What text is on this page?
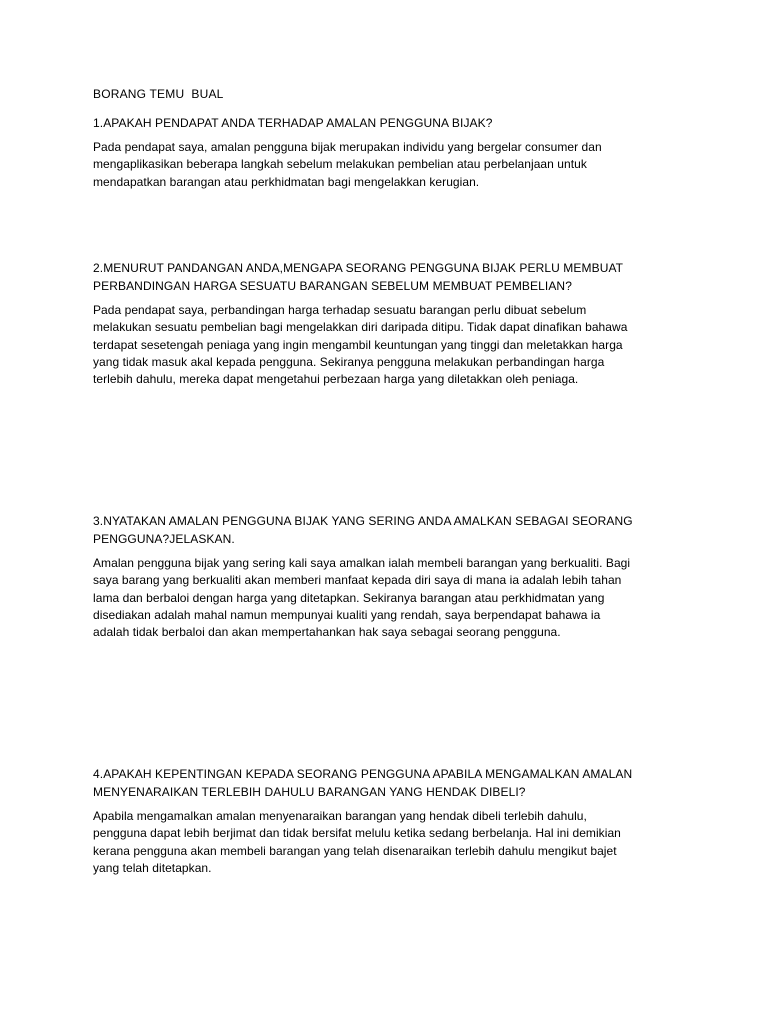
BORANG TEMU  BUAL

1.APAKAH PENDAPAT ANDA TERHADAP AMALAN PENGGUNA BIJAK?

Pada pendapat saya, amalan pengguna bijak merupakan individu yang bergelar consumer dan
mengaplikasikan beberapa langkah sebelum melakukan pembelian atau perbelanjaan untuk
mendapatkan barangan atau perkhidmatan bagi mengelakkan kerugian.

2.MENURUT PANDANGAN ANDA,MENGAPA SEORANG PENGGUNA BIJAK PERLU MEMBUAT
PERBANDINGAN HARGA SESUATU BARANGAN SEBELUM MEMBUAT PEMBELIAN?

Pada pendapat saya, perbandingan harga terhadap sesuatu barangan perlu dibuat sebelum
melakukan sesuatu pembelian bagi mengelakkan diri daripada ditipu. Tidak dapat dinafikan bahawa
terdapat sesetengah peniaga yang ingin mengambil keuntungan yang tinggi dan meletakkan harga
yang tidak masuk akal kepada pengguna. Sekiranya pengguna melakukan perbandingan harga
terlebih dahulu, mereka dapat mengetahui perbezaan harga yang diletakkan oleh peniaga.

3.NYATAKAN AMALAN PENGGUNA BIJAK YANG SERING ANDA AMALKAN SEBAGAI SEORANG
PENGGUNA?JELASKAN.

Amalan pengguna bijak yang sering kali saya amalkan ialah membeli barangan yang berkualiti. Bagi
saya barang yang berkualiti akan memberi manfaat kepada diri saya di mana ia adalah lebih tahan
lama dan berbaloi dengan harga yang ditetapkan. Sekiranya barangan atau perkhidmatan yang
disediakan adalah mahal namun mempunyai kualiti yang rendah, saya berpendapat bahawa ia
adalah tidak berbaloi dan akan mempertahankan hak saya sebagai seorang pengguna.

4.APAKAH KEPENTINGAN KEPADA SEORANG PENGGUNA APABILA MENGAMALKAN AMALAN
MENYENARAIKAN TERLEBIH DAHULU BARANGAN YANG HENDAK DIBELI?

Apabila mengamalkan amalan menyenaraikan barangan yang hendak dibeli terlebih dahulu,
pengguna dapat lebih berjimat dan tidak bersifat melulu ketika sedang berbelanja. Hal ini demikian
kerana pengguna akan membeli barangan yang telah disenaraikan terlebih dahulu mengikut bajet
yang telah ditetapkan.
